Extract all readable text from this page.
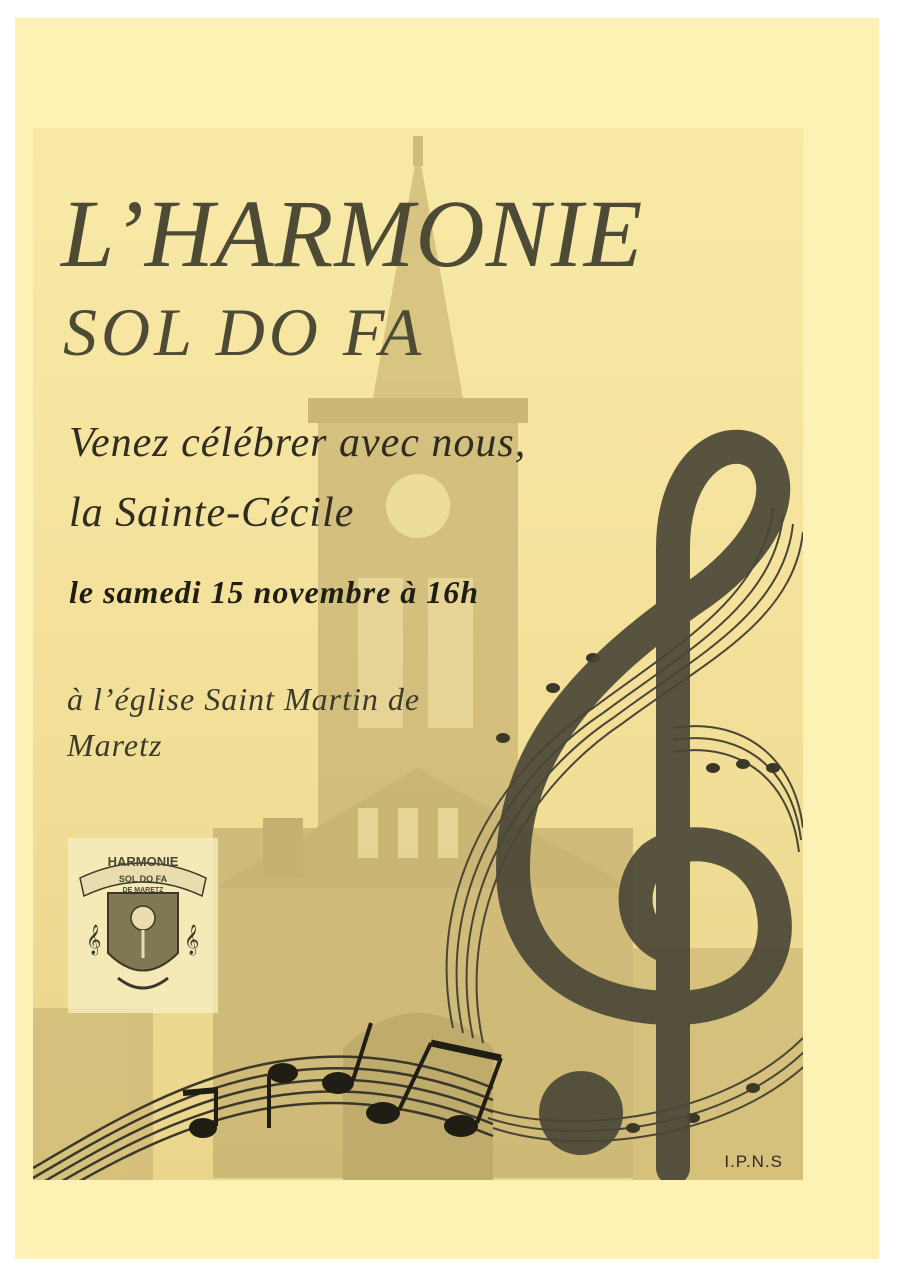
L’HARMONIE
SOL DO FA
Venez célébrer avec nous,
la Sainte-Cécile
le samedi 15 novembre à 16h
à l’église Saint Martin de
Maretz
HARMONIE
SOL DO FA
DE MARETZ
𝄞	𝄞
I.P.N.S
